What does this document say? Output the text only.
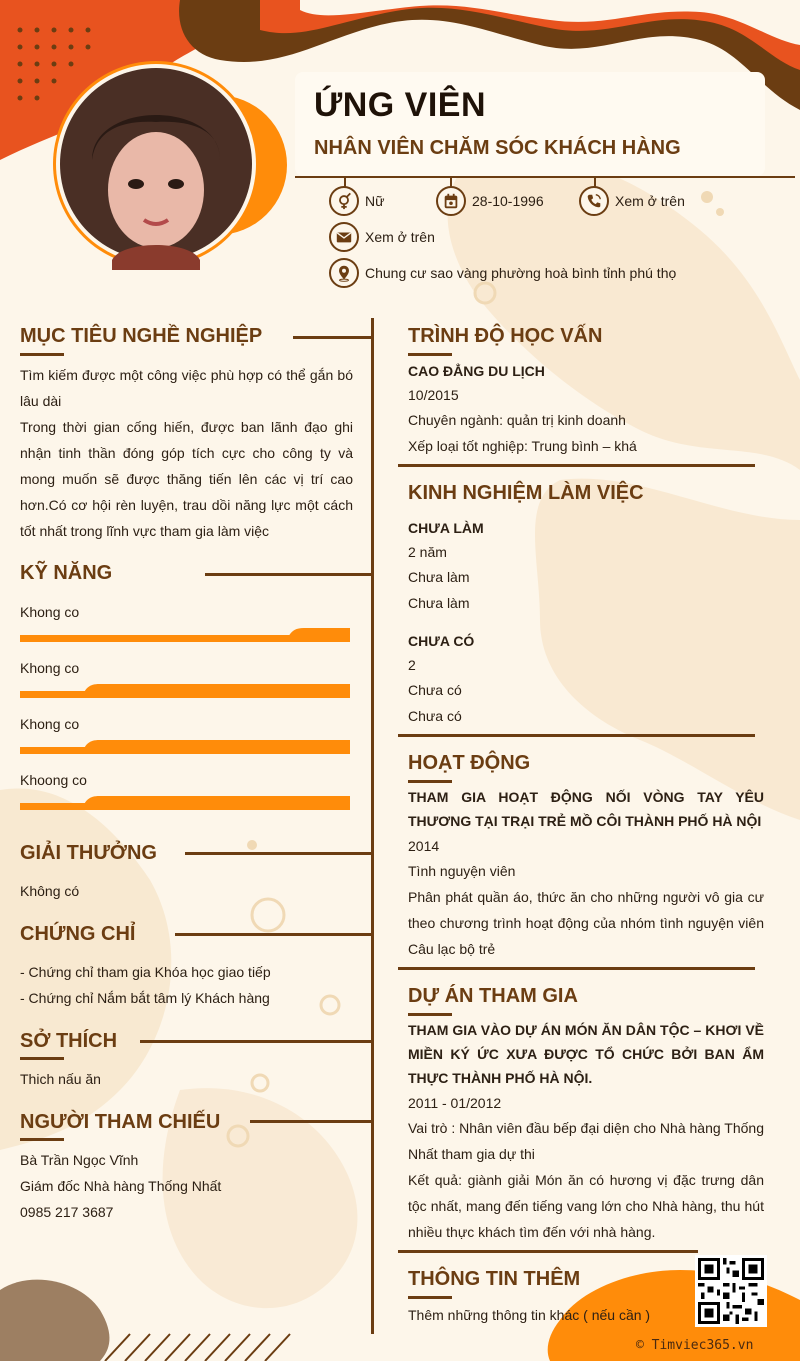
ỨNG VIÊN
NHÂN VIÊN CHĂM SÓC KHÁCH HÀNG
Nữ	28-10-1996	Xem ở trên
Xem ở trên
Chung cư sao vàng phường hoà bình tỉnh phú thọ
MỤC TIÊU NGHỀ NGHIỆP
Tìm kiếm được một công việc phù hợp có thể gắn bó lâu dài
Trong thời gian cống hiến, được ban lãnh đạo ghi nhận tinh thần đóng góp tích cực cho công ty và mong muốn sẽ được thăng tiến lên các vị trí cao hơn.Có cơ hội rèn luyện, trau dồi năng lực một cách tốt nhất trong lĩnh vực tham gia làm việc
KỸ NĂNG
Khong co
Khong co
Khong co
Khoong co
GIẢI THƯỞNG
Không có
CHỨNG CHỈ
- Chứng chỉ tham gia Khóa học giao tiếp
- Chứng chỉ Nắm bắt tâm lý Khách hàng
SỞ THÍCH
Thich nấu ăn
NGƯỜI THAM CHIẾU
Bà Trần Ngọc Vĩnh
Giám đốc Nhà hàng Thống Nhất
0985 217 3687
TRÌNH ĐỘ HỌC VẤN
CAO ĐẲNG DU LỊCH
10/2015
Chuyên ngành: quản trị kinh doanh
Xếp loại tốt nghiệp: Trung bình – khá
KINH NGHIỆM LÀM VIỆC
CHƯA LÀM
2 năm
Chưa làm
Chưa làm
CHƯA CÓ
2
Chưa có
Chưa có
HOẠT ĐỘNG
THAM GIA HOẠT ĐỘNG NỐI VÒNG TAY YÊU THƯƠNG TẠI TRẠI TRẺ MỒ CÔI THÀNH PHỐ HÀ NỘI
2014
Tình nguyện viên
Phân phát quần áo, thức ăn cho những người vô gia cư theo chương trình hoạt động của nhóm tình nguyện viên Câu lạc bộ trẻ
DỰ ÁN THAM GIA
THAM GIA VÀO DỰ ÁN MÓN ĂN DÂN TỘC – KHƠI VỀ MIỀN KÝ ỨC XƯA ĐƯỢC TỔ CHỨC BỞI BAN ẨM THỰC THÀNH PHỐ HÀ NỘI.
2011 - 01/2012
Vai trò : Nhân viên đầu bếp đại diện cho Nhà hàng Thống Nhất tham gia dự thi
Kết quả: giành giải Món ăn có hương vị đặc trưng dân tộc nhất, mang đến tiếng vang lớn cho Nhà hàng, thu hút nhiều thực khách tìm đến với nhà hàng.
THÔNG TIN THÊM
Thêm những thông tin khác ( nếu cần )
© Timviec365.vn
